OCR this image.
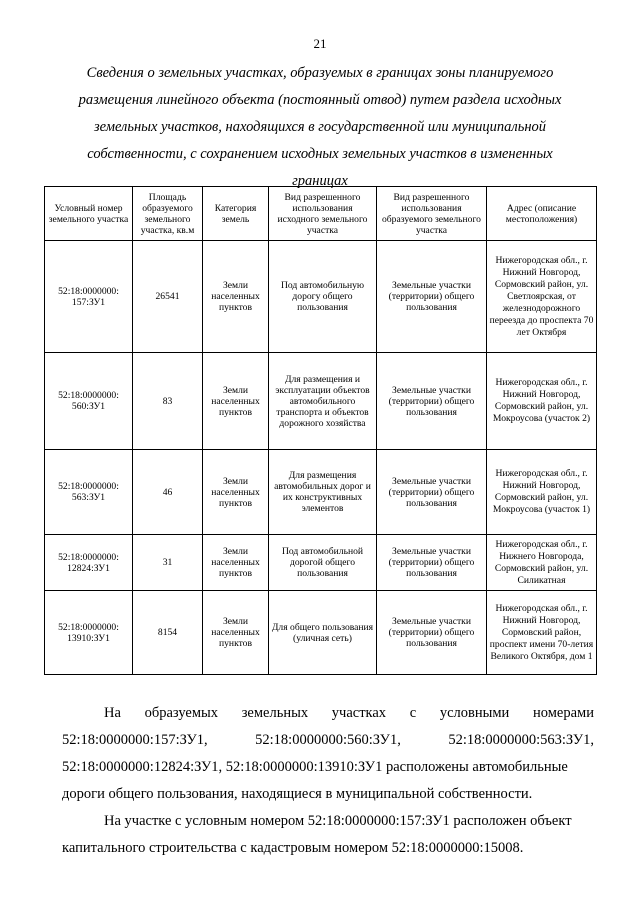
21
Сведения о земельных участках, образуемых в границах зоны планируемого
размещения линейного объекта (постоянный отвод) путем раздела исходных
земельных участков, находящихся в государственной или муниципальной
собственности, с сохранением исходных земельных участков в измененных
границах
Условный номер земельного участка	Площадь образуемого земельного участка, кв.м	Категория земель	Вид разрешенного использования исходного земельного участка	Вид разрешенного использования образуемого земельного участка	Адрес (описание местоположения)
52:18:0000000: 157:ЗУ1	26541	Земли населенных пунктов	Под автомобильную дорогу общего пользования	Земельные участки (территории) общего пользования	Нижегородская обл., г. Нижний Новгород, Сормовский район, ул. Светлоярская, от железнодорожного переезда до проспекта 70 лет Октября
52:18:0000000: 560:ЗУ1	83	Земли населенных пунктов	Для размещения и эксплуатации объектов автомобильного транспорта и объектов дорожного хозяйства	Земельные участки (территории) общего пользования	Нижегородская обл., г. Нижний Новгород, Сормовский район, ул. Мокроусова (участок 2)
52:18:0000000: 563:ЗУ1	46	Земли населенных пунктов	Для размещения автомобильных дорог и их конструктивных элементов	Земельные участки (территории) общего пользования	Нижегородская обл., г. Нижний Новгород, Сормовский район, ул. Мокроусова (участок 1)
52:18:0000000: 12824:ЗУ1	31	Земли населенных пунктов	Под автомобильной дорогой общего пользования	Земельные участки (территории) общего пользования	Нижегородская обл., г. Нижнего Новгорода, Сормовский район, ул. Силикатная
52:18:0000000: 13910:ЗУ1	8154	Земли населенных пунктов	Для общего пользования (уличная сеть)	Земельные участки (территории) общего пользования	Нижегородская обл., г. Нижний Новгород, Сормовский район, проспект имени 70-летия Великого Октября, дом 1
На образуемых земельных участках с условными номерами
52:18:0000000:157:ЗУ1,	52:18:0000000:560:ЗУ1,	52:18:0000000:563:ЗУ1,
52:18:0000000:12824:ЗУ1, 52:18:0000000:13910:ЗУ1 расположены автомобильные
дороги общего пользования, находящиеся в муниципальной собственности.
На участке с условным номером 52:18:0000000:157:ЗУ1 расположен объект
капитального строительства с кадастровым номером 52:18:0000000:15008.
